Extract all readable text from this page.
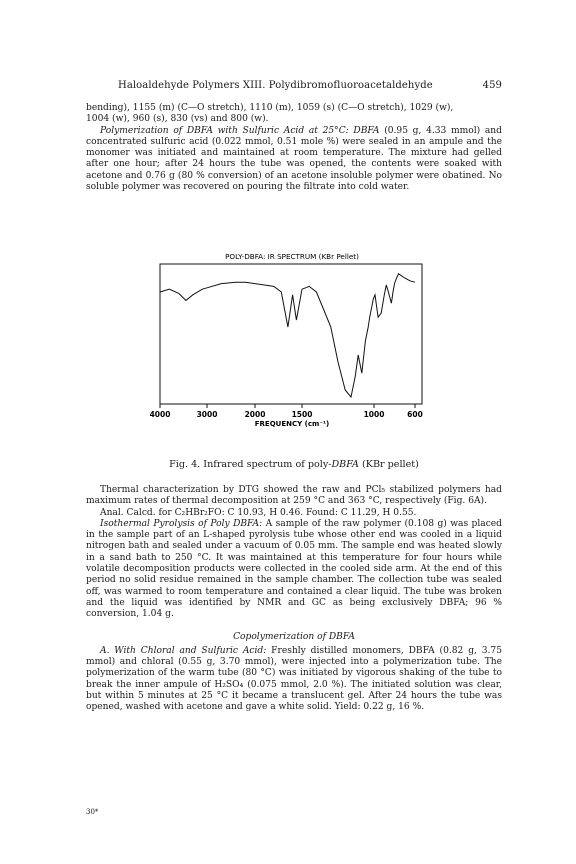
Haloaldehyde Polymers XIII. Polydibromofluoroacetaldehyde	459

bending), 1155 (m) (C—O stretch), 1110 (m), 1059 (s) (C—O stretch), 1029 (w),
1004 (w), 960 (s), 830 (vs) and 800 (w).

Polymerization of DBFA with Sulfuric Acid at 25°C: DBFA (0.95 g, 4.33 mmol) and concentrated sulfuric acid (0.022 mmol, 0.51 mole %) were sealed in an ampule and the monomer was initiated and maintained at room temperature. The mixture had gelled after one hour; after 24 hours the tube was opened, the contents were soaked with acetone and 0.76 g (80 % conversion) of an acetone insoluble polymer were obatined. No soluble polymer was recovered on pouring the filtrate into cold water.

POLY-DBFA: IR SPECTRUM (KBr Pellet)
4000	3000	2000	1500	1000	600
FREQUENCY (cm⁻¹)
Fig. 4. Infrared spectrum of poly-DBFA (KBr pellet)

Thermal characterization by DTG showed the raw and PCl₅ stabilized polymers had maximum rates of thermal decomposition at 259 °C and 363 °C, respectively (Fig. 6A).

Anal. Calcd. for C₂HBr₂FO: C 10.93, H 0.46. Found: C 11.29, H 0.55.

Isothermal Pyrolysis of Poly DBFA: A sample of the raw polymer (0.108 g) was placed in the sample part of an L-shaped pyrolysis tube whose other end was cooled in a liquid nitrogen bath and sealed under a vacuum of 0.05 mm. The sample end was heated slowly in a sand bath to 250 °C. It was maintained at this temperature for four hours while volatile decomposition products were collected in the cooled side arm. At the end of this period no solid residue remained in the sample chamber. The collection tube was sealed off, was warmed to room temperature and contained a clear liquid. The tube was broken and the liquid was identified by NMR and GC as being exclusively DBFA; 96 % conversion, 1.04 g.

Copolymerization of DBFA

A. With Chloral and Sulfuric Acid: Freshly distilled monomers, DBFA (0.82 g, 3.75 mmol) and chloral (0.55 g, 3.70 mmol), were injected into a polymerization tube. The polymerization of the warm tube (80 °C) was initiated by vigorous shaking of the tube to break the inner ampule of H₂SO₄ (0.075 mmol, 2.0 %). The initiated solution was clear, but within 5 minutes at 25 °C it became a translucent gel. After 24 hours the tube was opened, washed with acetone and gave a white solid. Yield: 0.22 g, 16 %.

30*
